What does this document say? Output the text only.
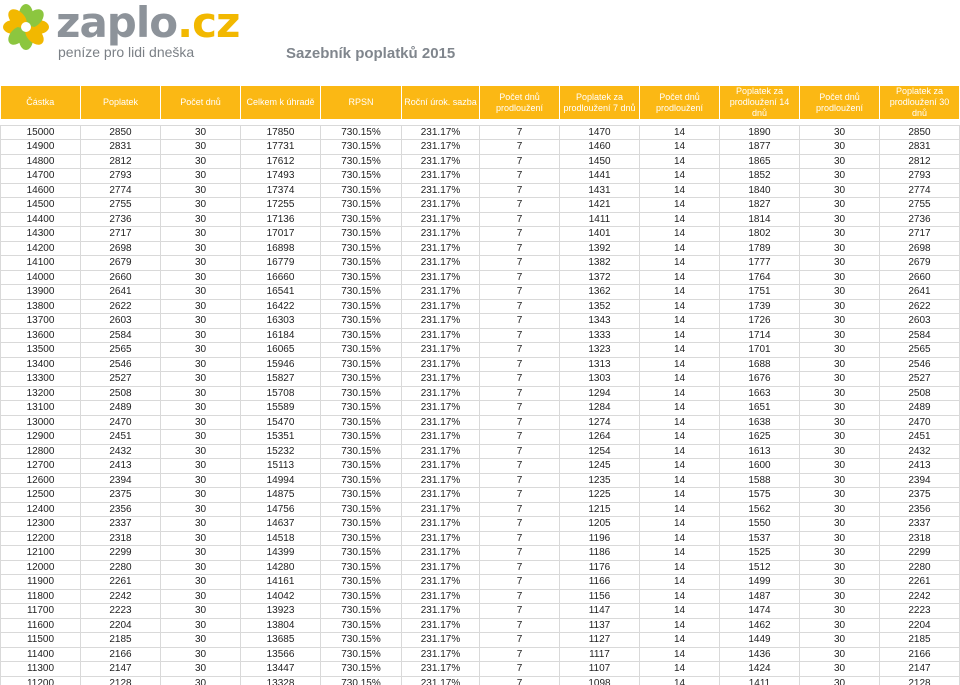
zaplo.cz
peníze pro lidi dneška	Sazebník poplatků 2015
Částka	Poplatek	Počet dnů	Celkem k úhradě	RPSN	Roční úrok. sazba	Počet dnů prodloužení	Poplatek za prodloužení 7 dnů	Počet dnů prodloužení	Poplatek za prodloužení 14 dnů	Počet dnů prodloužení	Poplatek za prodloužení 30 dnů

15000	2850	30	17850	730.15%	231.17%	7	1470	14	1890	30	2850
14900	2831	30	17731	730.15%	231.17%	7	1460	14	1877	30	2831
14800	2812	30	17612	730.15%	231.17%	7	1450	14	1865	30	2812
14700	2793	30	17493	730.15%	231.17%	7	1441	14	1852	30	2793
14600	2774	30	17374	730.15%	231.17%	7	1431	14	1840	30	2774
14500	2755	30	17255	730.15%	231.17%	7	1421	14	1827	30	2755
14400	2736	30	17136	730.15%	231.17%	7	1411	14	1814	30	2736
14300	2717	30	17017	730.15%	231.17%	7	1401	14	1802	30	2717
14200	2698	30	16898	730.15%	231.17%	7	1392	14	1789	30	2698
14100	2679	30	16779	730.15%	231.17%	7	1382	14	1777	30	2679
14000	2660	30	16660	730.15%	231.17%	7	1372	14	1764	30	2660
13900	2641	30	16541	730.15%	231.17%	7	1362	14	1751	30	2641
13800	2622	30	16422	730.15%	231.17%	7	1352	14	1739	30	2622
13700	2603	30	16303	730.15%	231.17%	7	1343	14	1726	30	2603
13600	2584	30	16184	730.15%	231.17%	7	1333	14	1714	30	2584
13500	2565	30	16065	730.15%	231.17%	7	1323	14	1701	30	2565
13400	2546	30	15946	730.15%	231.17%	7	1313	14	1688	30	2546
13300	2527	30	15827	730.15%	231.17%	7	1303	14	1676	30	2527
13200	2508	30	15708	730.15%	231.17%	7	1294	14	1663	30	2508
13100	2489	30	15589	730.15%	231.17%	7	1284	14	1651	30	2489
13000	2470	30	15470	730.15%	231.17%	7	1274	14	1638	30	2470
12900	2451	30	15351	730.15%	231.17%	7	1264	14	1625	30	2451
12800	2432	30	15232	730.15%	231.17%	7	1254	14	1613	30	2432
12700	2413	30	15113	730.15%	231.17%	7	1245	14	1600	30	2413
12600	2394	30	14994	730.15%	231.17%	7	1235	14	1588	30	2394
12500	2375	30	14875	730.15%	231.17%	7	1225	14	1575	30	2375
12400	2356	30	14756	730.15%	231.17%	7	1215	14	1562	30	2356
12300	2337	30	14637	730.15%	231.17%	7	1205	14	1550	30	2337
12200	2318	30	14518	730.15%	231.17%	7	1196	14	1537	30	2318
12100	2299	30	14399	730.15%	231.17%	7	1186	14	1525	30	2299
12000	2280	30	14280	730.15%	231.17%	7	1176	14	1512	30	2280
11900	2261	30	14161	730.15%	231.17%	7	1166	14	1499	30	2261
11800	2242	30	14042	730.15%	231.17%	7	1156	14	1487	30	2242
11700	2223	30	13923	730.15%	231.17%	7	1147	14	1474	30	2223
11600	2204	30	13804	730.15%	231.17%	7	1137	14	1462	30	2204
11500	2185	30	13685	730.15%	231.17%	7	1127	14	1449	30	2185
11400	2166	30	13566	730.15%	231.17%	7	1117	14	1436	30	2166
11300	2147	30	13447	730.15%	231.17%	7	1107	14	1424	30	2147
11200	2128	30	13328	730.15%	231.17%	7	1098	14	1411	30	2128
